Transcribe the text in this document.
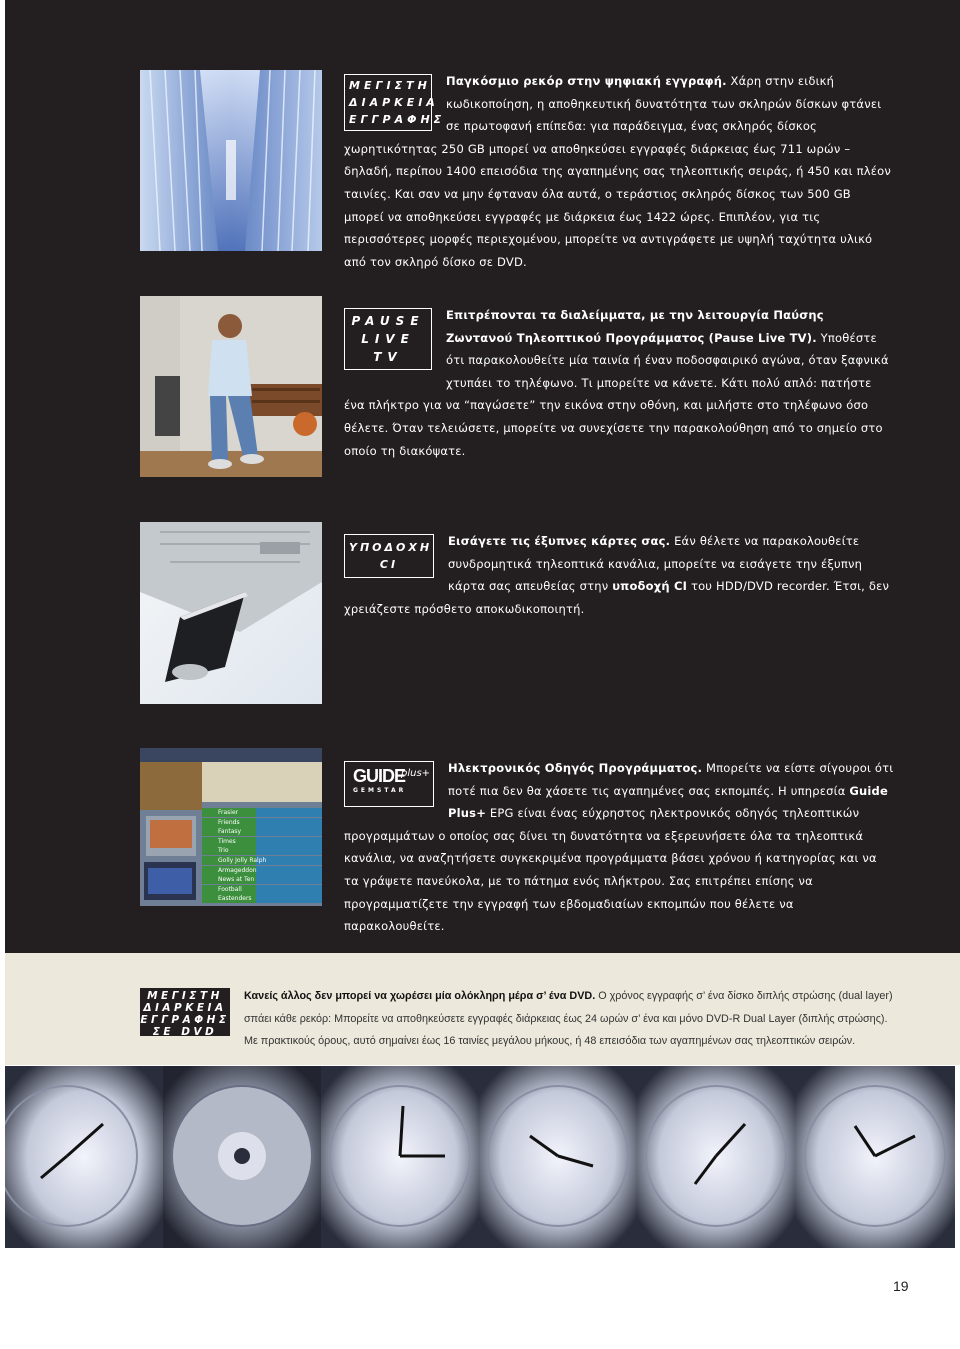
ΜΕΓΙΣΤΗ
ΔΙΑΡΚΕΙΑ
ΕΓΓΡΑΦΗΣ
Παγκόσμιο ρεκόρ στην ψηφιακή εγγραφή. Χάρη στην ειδική κωδικοποίηση, η αποθηκευτική δυνατότητα των σκληρών δίσκων φτάνει σε πρωτοφανή επίπεδα: για παράδειγμα, ένας σκληρός δίσκος χωρητικότητας 250 GB μπορεί να αποθηκεύσει εγγραφές διάρκειας έως 711 ωρών – δηλαδή, περίπου 1400 επεισόδια της αγαπημένης σας τηλεοπτικής σειράς, ή 450 και πλέον ταινίες. Και σαν να μην έφταναν όλα αυτά, ο τεράστιος σκληρός δίσκος των 500 GB μπορεί να αποθηκεύσει εγγραφές με διάρκεια έως 1422 ώρες. Επιπλέον, για τις περισσότερες μορφές περιεχομένου, μπορείτε να αντιγράφετε με υψηλή ταχύτητα υλικό από τον σκληρό δίσκο σε DVD.
PAUSE
LIVE TV
Επιτρέπονται τα διαλείμματα, με την λειτουργία Παύσης Ζωντανού Τηλεοπτικού Προγράμματος (Pause Live TV). Υποθέστε ότι παρακολουθείτε μία ταινία ή έναν ποδοσφαιρικό αγώνα, όταν ξαφνικά χτυπάει το τηλέφωνο. Τι μπορείτε να κάνετε. Κάτι πολύ απλό: πατήστε ένα πλήκτρο για να “παγώσετε” την εικόνα στην οθόνη, και μιλήστε στο τηλέφωνο όσο θέλετε. Όταν τελειώσετε, μπορείτε να συνεχίσετε την παρακολούθηση από το σημείο στο οποίο τη διακόψατε.
ΥΠΟΔΟΧΗ
CI
Εισάγετε τις έξυπνες κάρτες σας. Εάν θέλετε να παρακολουθείτε συνδρομητικά τηλεοπτικά κανάλια, μπορείτε να εισάγετε την έξυπνη κάρτα σας απευθείας στην υποδοχή CI του HDD/DVD recorder. Έτσι, δεν χρειάζεστε πρόσθετο αποκωδικοποιητή.
Frasier
Friends
Fantasy
Times
Trio
Golly Jolly Ralph
Armageddon
News at Ten
Football
Eastenders
GUIDE
plus+
GEMSTAR
Ηλεκτρονικός Οδηγός Προγράμματος. Μπορείτε να είστε σίγουροι ότι ποτέ πια δεν θα χάσετε τις αγαπημένες σας εκπομπές. Η υπηρεσία Guide Plus+ EPG είναι ένας εύχρηστος ηλεκτρονικός οδηγός τηλεοπτικών προγραμμάτων ο οποίος σας δίνει τη δυνατότητα να εξερευνήσετε όλα τα τηλεοπτικά κανάλια, να αναζητήσετε συγκεκριμένα προγράμματα βάσει χρόνου ή κατηγορίας και να τα γράψετε πανεύκολα, με το πάτημα ενός πλήκτρου. Σας επιτρέπει επίσης να προγραμματίζετε την εγγραφή των εβδομαδιαίων εκπομπών που θέλετε να παρακολουθείτε.
ΜΕΓΙΣΤΗ
ΔΙΑΡΚΕΙΑ
ΕΓΓΡΑΦΗΣ
ΣΕ DVD
Κανείς άλλος δεν μπορεί να χωρέσει μία ολόκληρη μέρα σ’ ένα DVD. Ο χρόνος εγγραφής σ’ ένα δίσκο διπλής στρώσης (dual layer) σπάει κάθε ρεκόρ: Μπορείτε να αποθηκεύσετε εγγραφές διάρκειας έως 24 ωρών σ’ ένα και μόνο DVD-R Dual Layer (διπλής στρώσης). Με πρακτικούς όρους, αυτό σημαίνει έως 16 ταινίες μεγάλου μήκους, ή 48 επεισόδια των αγαπημένων σας τηλεοπτικών σειρών.
19
